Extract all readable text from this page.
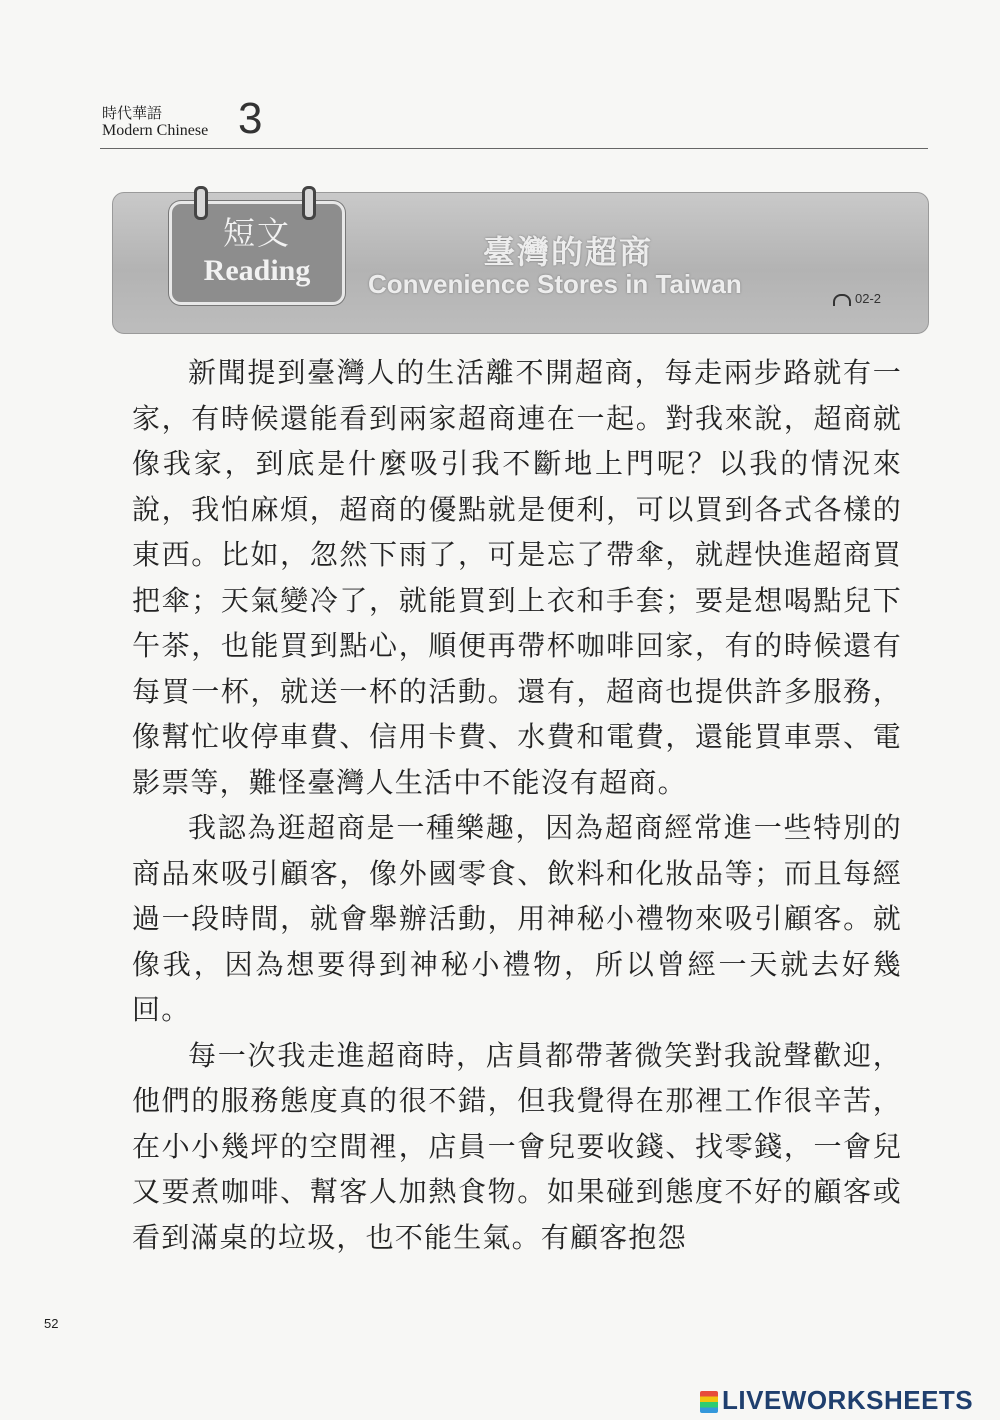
時代華語
Modern Chinese 3
短文
Reading	臺灣的超商
Convenience Stores in Taiwan	02-2

新聞提到臺灣人的生活離不開超商，每走兩步路就有一家，有時候還能看到兩家超商連在一起。對我來說，超商就像我家，到底是什麼吸引我不斷地上門呢？以我的情況來說，我怕麻煩，超商的優點就是便利，可以買到各式各樣的東西。比如，忽然下雨了，可是忘了帶傘，就趕快進超商買把傘；天氣變冷了，就能買到上衣和手套；要是想喝點兒下午茶，也能買到點心，順便再帶杯咖啡回家，有的時候還有每買一杯，就送一杯的活動。還有，超商也提供許多服務，像幫忙收停車費、信用卡費、水費和電費，還能買車票、電影票等，難怪臺灣人生活中不能沒有超商。

我認為逛超商是一種樂趣，因為超商經常進一些特別的商品來吸引顧客，像外國零食、飲料和化妝品等；而且每經過一段時間，就會舉辦活動，用神秘小禮物來吸引顧客。就像我，因為想要得到神秘小禮物，所以曾經一天就去好幾回。

每一次我走進超商時，店員都帶著微笑對我說聲歡迎，他們的服務態度真的很不錯，但我覺得在那裡工作很辛苦，在小小幾坪的空間裡，店員一會兒要收錢、找零錢，一會兒又要煮咖啡、幫客人加熱食物。如果碰到態度不好的顧客或看到滿桌的垃圾，也不能生氣。有顧客抱怨

52
LIVEWORKSHEETS
